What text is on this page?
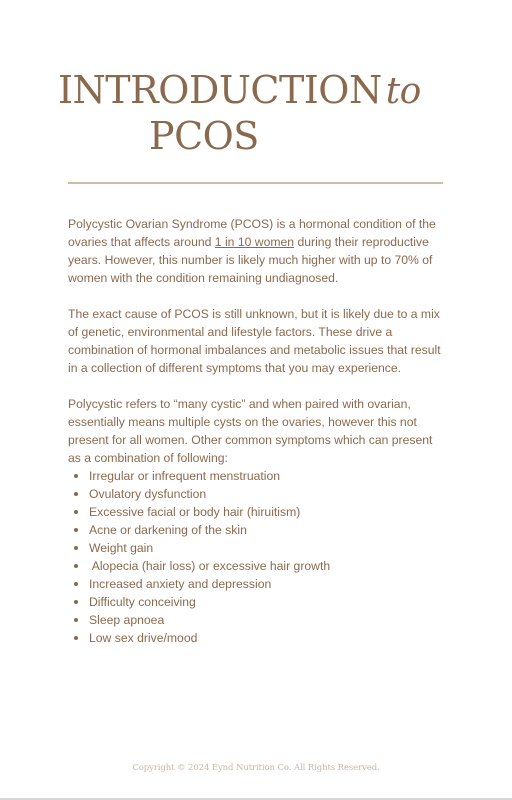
INTRODUCTION to
PCOS

Polycystic Ovarian Syndrome (PCOS) is a hormonal condition of the ovaries that affects around 1 in 10 women during their reproductive years. However, this number is likely much higher with up to 70% of women with the condition remaining undiagnosed.

The exact cause of PCOS is still unknown, but it is likely due to a mix of genetic, environmental and lifestyle factors. These drive a combination of hormonal imbalances and metabolic issues that result in a collection of different symptoms that you may experience.

Polycystic refers to “many cystic” and when paired with ovarian, essentially means multiple cysts on the ovaries, however this not present for all women. Other common symptoms which can present as a combination of following:

Irregular or infrequent menstruation
Ovulatory dysfunction
Excessive facial or body hair (hiruitism)
Acne or darkening of the skin
Weight gain
Alopecia (hair loss) or excessive hair growth
Increased anxiety and depression
Difficulty conceiving
Sleep apnoea
Low sex drive/mood
Copyright © 2024 Eynd Nutrition Co. All Rights Reserved.
